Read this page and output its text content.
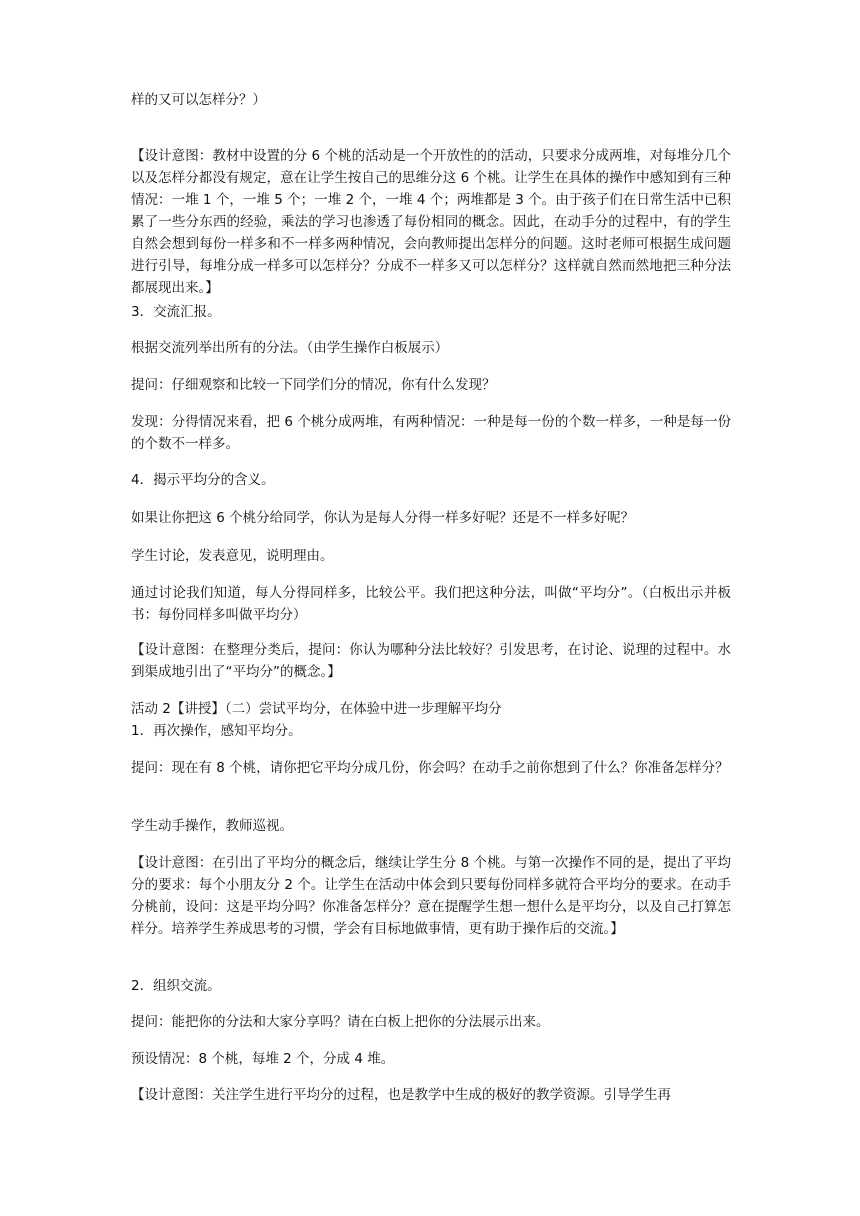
样的又可以怎样分？）

【设计意图：教材中设置的分 6 个桃的活动是一个开放性的的活动，只要求分成两堆，对每堆分几个以及怎样分都没有规定，意在让学生按自己的思维分这 6 个桃。让学生在具体的操作中感知到有三种情况：一堆 1 个，一堆 5 个；一堆 2 个，一堆 4 个；两堆都是 3 个。由于孩子们在日常生活中已积累了一些分东西的经验，乘法的学习也渗透了每份相同的概念。因此，在动手分的过程中，有的学生自然会想到每份一样多和不一样多两种情况，会向教师提出怎样分的问题。这时老师可根据生成问题进行引导，每堆分成一样多可以怎样分？分成不一样多又可以怎样分？这样就自然而然地把三种分法都展现出来。】

3．交流汇报。

根据交流列举出所有的分法。（由学生操作白板展示）

提问：仔细观察和比较一下同学们分的情况，你有什么发现？

发现：分得情况来看，把 6 个桃分成两堆，有两种情况：一种是每一份的个数一样多，一种是每一份的个数不一样多。

4．揭示平均分的含义。

如果让你把这 6 个桃分给同学，你认为是每人分得一样多好呢？还是不一样多好呢？

学生讨论，发表意见，说明理由。

通过讨论我们知道，每人分得同样多，比较公平。我们把这种分法，叫做“平均分”。（白板出示并板书：每份同样多叫做平均分）

【设计意图：在整理分类后，提问：你认为哪种分法比较好？引发思考，在讨论、说理的过程中。水到渠成地引出了“平均分”的概念。】

活动 2【讲授】（二）尝试平均分，在体验中进一步理解平均分

1．再次操作，感知平均分。

提问：现在有 8 个桃，请你把它平均分成几份，你会吗？在动手之前你想到了什么？你准备怎样分？

学生动手操作，教师巡视。

【设计意图：在引出了平均分的概念后，继续让学生分 8 个桃。与第一次操作不同的是，提出了平均分的要求：每个小朋友分 2 个。让学生在活动中体会到只要每份同样多就符合平均分的要求。在动手分桃前，设问：这是平均分吗？你准备怎样分？意在提醒学生想一想什么是平均分，以及自己打算怎样分。培养学生养成思考的习惯，学会有目标地做事情，更有助于操作后的交流。】

2．组织交流。

提问：能把你的分法和大家分享吗？请在白板上把你的分法展示出来。

预设情况：8 个桃，每堆 2 个，分成 4 堆。

【设计意图：关注学生进行平均分的过程，也是教学中生成的极好的教学资源。引导学生再
